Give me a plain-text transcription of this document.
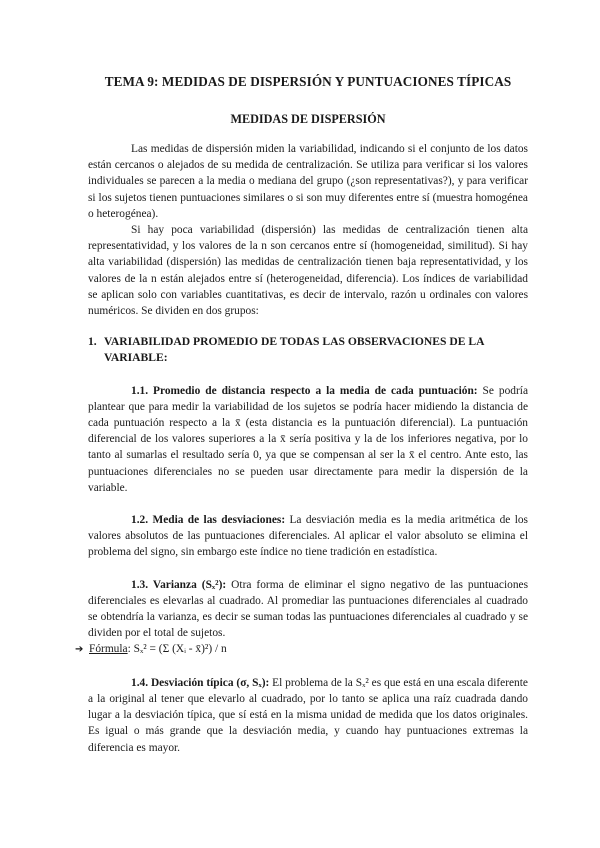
TEMA 9: MEDIDAS DE DISPERSIÓN Y PUNTUACIONES TÍPICAS
MEDIDAS DE DISPERSIÓN

Las medidas de dispersión miden la variabilidad, indicando si el conjunto de los datos están cercanos o alejados de su medida de centralización. Se utiliza para verificar si los valores individuales se parecen a la media o mediana del grupo (¿son representativas?), y para verificar si los sujetos tienen puntuaciones similares o si son muy diferentes entre sí (muestra homogénea o heterogénea).

Si hay poca variabilidad (dispersión) las medidas de centralización tienen alta representatividad, y los valores de la n son cercanos entre sí (homogeneidad, similitud). Si hay alta variabilidad (dispersión) las medidas de centralización tienen baja representatividad, y los valores de la n están alejados entre sí (heterogeneidad, diferencia). Los índices de variabilidad se aplican solo con variables cuantitativas, es decir de intervalo, razón u ordinales con valores numéricos. Se dividen en dos grupos:

1. VARIABILIDAD PROMEDIO DE TODAS LAS OBSERVACIONES DE LA VARIABLE:

1.1. Promedio de distancia respecto a la media de cada puntuación: Se podría plantear que para medir la variabilidad de los sujetos se podría hacer midiendo la distancia de cada puntuación respecto a la x̄ (esta distancia es la puntuación diferencial). La puntuación diferencial de los valores superiores a la x̄ sería positiva y la de los inferiores negativa, por lo tanto al sumarlas el resultado sería 0, ya que se compensan al ser la x̄ el centro. Ante esto, las puntuaciones diferenciales no se pueden usar directamente para medir la dispersión de la variable.

1.2. Media de las desviaciones: La desviación media es la media aritmética de los valores absolutos de las puntuaciones diferenciales. Al aplicar el valor absoluto se elimina el problema del signo, sin embargo este índice no tiene tradición en estadística.

1.3. Varianza (Sₓ²): Otra forma de eliminar el signo negativo de las puntuaciones diferenciales es elevarlas al cuadrado. Al promediar las puntuaciones diferenciales al cuadrado se obtendría la varianza, es decir se suman todas las puntuaciones diferenciales al cuadrado y se dividen por el total de sujetos.

➔ Fórmula: Sₓ² = (Σ (Xᵢ - x̄)²) / n

1.4. Desviación típica (σ, Sₓ): El problema de la Sₓ² es que está en una escala diferente a la original al tener que elevarlo al cuadrado, por lo tanto se aplica una raíz cuadrada dando lugar a la desviación típica, que sí está en la misma unidad de medida que los datos originales. Es igual o más grande que la desviación media, y cuando hay puntuaciones extremas la diferencia es mayor.
